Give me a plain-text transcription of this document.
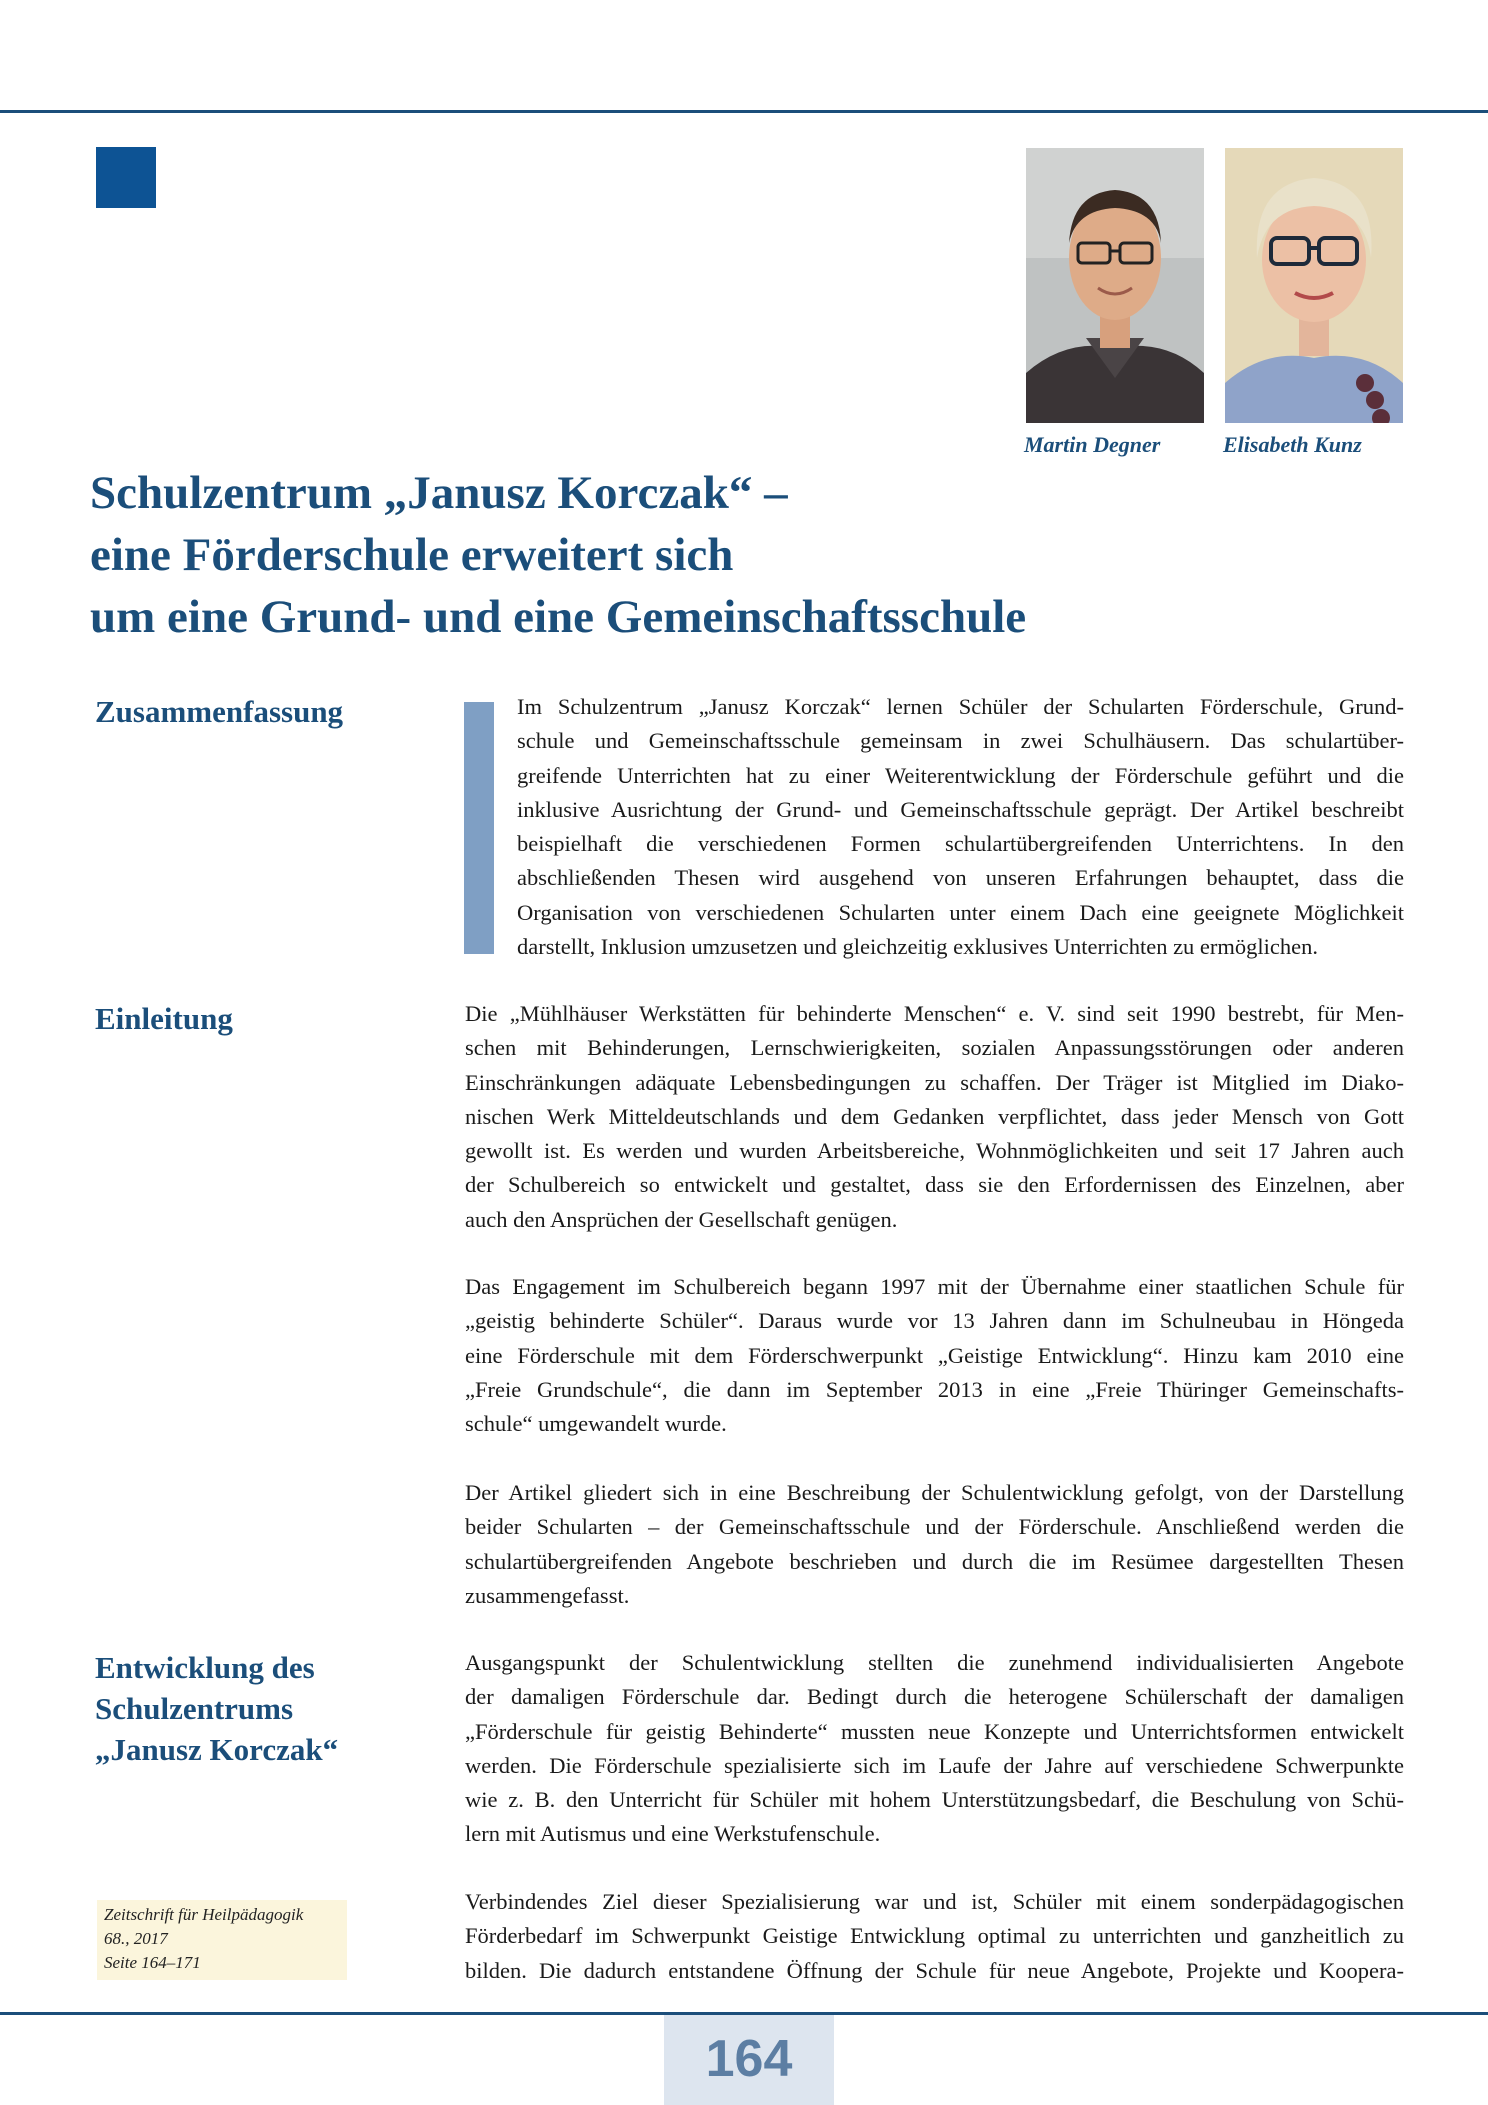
Martin Degner	Elisabeth Kunz
Schulzentrum „Janusz Korczak“ –
eine Förderschule erweitert sich
um eine Grund- und eine Gemeinschaftsschule
Zusammenfassung
Einleitung
Entwicklung des
Schulzentrums
„Janusz Korczak“

Im Schulzentrum „Janusz Korczak“ lernen Schüler der Schularten Förderschule, Grund-
schule und Gemeinschaftsschule gemeinsam in zwei Schulhäusern. Das schulartüber-
greifende Unterrichten hat zu einer Weiterentwicklung der Förderschule geführt und die
inklusive Ausrichtung der Grund- und Gemeinschaftsschule geprägt. Der Artikel beschreibt
beispielhaft die verschiedenen Formen schulartübergreifenden Unterrichtens. In den
abschließenden Thesen wird ausgehend von unseren Erfahrungen behauptet, dass die
Organisation von verschiedenen Schularten unter einem Dach eine geeignete Möglichkeit
darstellt, Inklusion umzusetzen und gleichzeitig exklusives Unterrichten zu ermöglichen.

Die „Mühlhäuser Werkstätten für behinderte Menschen“ e. V. sind seit 1990 bestrebt, für Men-
schen mit Behinderungen, Lernschwierigkeiten, sozialen Anpassungsstörungen oder anderen
Einschränkungen adäquate Lebensbedingungen zu schaffen. Der Träger ist Mitglied im Diako-
nischen Werk Mitteldeutschlands und dem Gedanken verpflichtet, dass jeder Mensch von Gott
gewollt ist. Es werden und wurden Arbeitsbereiche, Wohnmöglichkeiten und seit 17 Jahren auch
der Schulbereich so entwickelt und gestaltet, dass sie den Erfordernissen des Einzelnen, aber
auch den Ansprüchen der Gesellschaft genügen.

Das Engagement im Schulbereich begann 1997 mit der Übernahme einer staatlichen Schule für
„geistig behinderte Schüler“. Daraus wurde vor 13 Jahren dann im Schulneubau in Höngeda
eine Förderschule mit dem Förderschwerpunkt „Geistige Entwicklung“. Hinzu kam 2010 eine
„Freie Grundschule“, die dann im September 2013 in eine „Freie Thüringer Gemeinschafts-
schule“ umgewandelt wurde.

Der Artikel gliedert sich in eine Beschreibung der Schulentwicklung gefolgt, von der Darstellung
beider Schularten – der Gemeinschaftsschule und der Förderschule. Anschließend werden die
schulartübergreifenden Angebote beschrieben und durch die im Resümee dargestellten Thesen
zusammengefasst.

Ausgangspunkt der Schulentwicklung stellten die zunehmend individualisierten Angebote
der damaligen Förderschule dar. Bedingt durch die heterogene Schülerschaft der damaligen
„Förderschule für geistig Behinderte“ mussten neue Konzepte und Unterrichtsformen entwickelt
werden. Die Förderschule spezialisierte sich im Laufe der Jahre auf verschiedene Schwerpunkte
wie z. B. den Unterricht für Schüler mit hohem Unterstützungsbedarf, die Beschulung von Schü-
lern mit Autismus und eine Werkstufenschule.

Verbindendes Ziel dieser Spezialisierung war und ist, Schüler mit einem sonderpädagogischen
Förderbedarf im Schwerpunkt Geistige Entwicklung optimal zu unterrichten und ganzheitlich zu
bilden. Die dadurch entstandene Öffnung der Schule für neue Angebote, Projekte und Koopera-

Zeitschrift für Heilpädagogik
68., 2017
Seite 164–171
164
